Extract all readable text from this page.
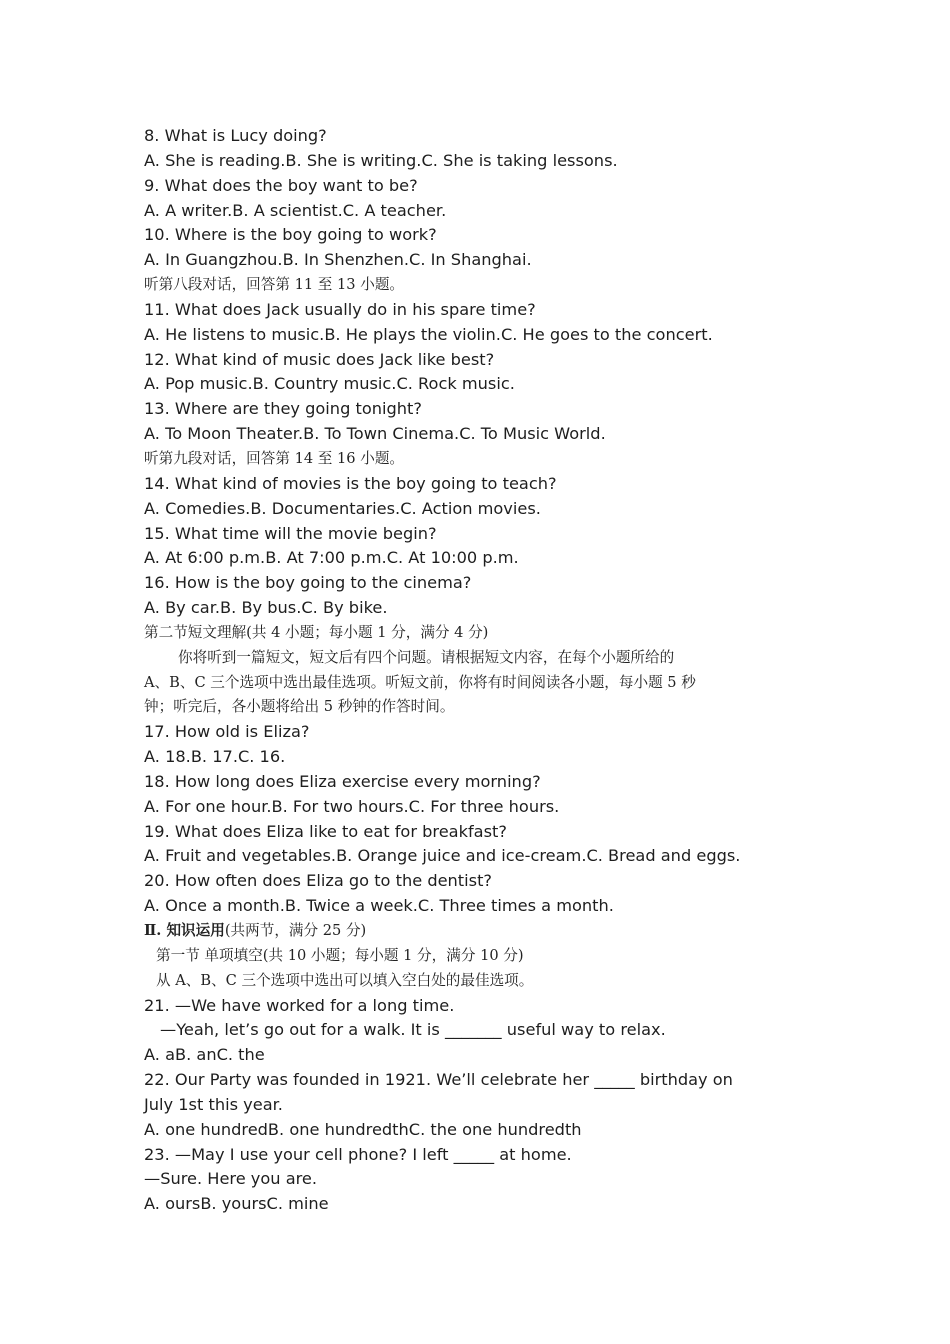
8. What is Lucy doing?
A. She is reading.B. She is writing.C. She is taking lessons.
9. What does the boy want to be?
A. A writer.B. A scientist.C. A teacher.
10. Where is the boy going to work?
A. In Guangzhou.B. In Shenzhen.C. In Shanghai.
听第八段对话，回答第 11 至 13 小题。
11. What does Jack usually do in his spare time?
A. He listens to music.B. He plays the violin.C. He goes to the concert.
12. What kind of music does Jack like best?
A. Pop music.B. Country music.C. Rock music.
13. Where are they going tonight?
A. To Moon Theater.B. To Town Cinema.C. To Music World.
听第九段对话，回答第 14 至 16 小题。
14. What kind of movies is the boy going to teach?
A. Comedies.B. Documentaries.C. Action movies.
15. What time will the movie begin?
A. At 6:00 p.m.B. At 7:00 p.m.C. At 10:00 p.m.
16. How is the boy going to the cinema?
A. By car.B. By bus.C. By bike.
第二节短文理解(共 4 小题；每小题 1 分，满分 4 分)
你将听到一篇短文，短文后有四个问题。请根据短文内容，在每个小题所给的
A、B、C 三个选项中选出最佳选项。听短文前，你将有时间阅读各小题，每小题 5 秒
钟；听完后，各小题将给出 5 秒钟的作答时间。
17. How old is Eliza?
A. 18.B. 17.C. 16.
18. How long does Eliza exercise every morning?
A. For one hour.B. For two hours.C. For three hours.
19. What does Eliza like to eat for breakfast?
A. Fruit and vegetables.B. Orange juice and ice-cream.C. Bread and eggs.
20. How often does Eliza go to the dentist?
A. Once a month.B. Twice a week.C. Three times a month.
Ⅱ. 知识运用(共两节，满分 25 分)
第一节 单项填空(共 10 小题；每小题 1 分，满分 10 分)
从 A、B、C 三个选项中选出可以填入空白处的最佳选项。
21. —We have worked for a long time.
—Yeah, let’s go out for a walk. It is _______ useful way to relax.
A. aB. anC. the
22. Our Party was founded in 1921. We’ll celebrate her _____ birthday on
July 1st this year.
A. one hundredB. one hundredthC. the one hundredth
23. —May I use your cell phone? I left _____ at home.
—Sure. Here you are.
A. oursB. yoursC. mine
